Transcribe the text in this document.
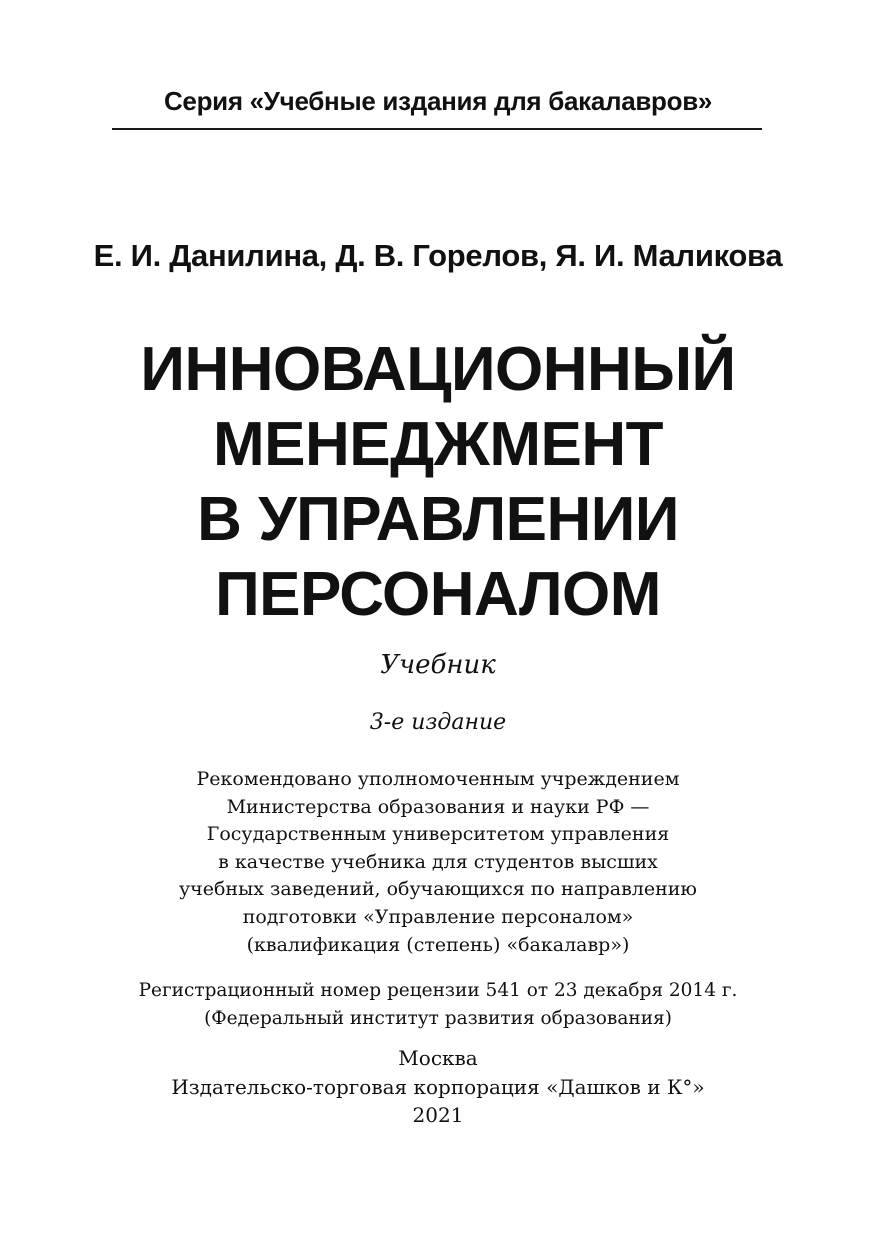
Серия «Учебные издания для бакалавров»
Е. И. Данилина, Д. В. Горелов, Я. И. Маликова
ИННОВАЦИОННЫЙ
МЕНЕДЖМЕНТ
В УПРАВЛЕНИИ
ПЕРСОНАЛОМ
Учебник
3-е издание
Рекомендовано уполномоченным учреждением
Министерства образования и науки РФ —
Государственным университетом управления
в качестве учебника для студентов высших
учебных заведений, обучающихся по направлению
подготовки «Управление персоналом»
(квалификация (степень) «бакалавр»)
Регистрационный номер рецензии 541 от 23 декабря 2014 г.
(Федеральный институт развития образования)
Москва
Издательско-торговая корпорация «Дашков и К°»
2021
